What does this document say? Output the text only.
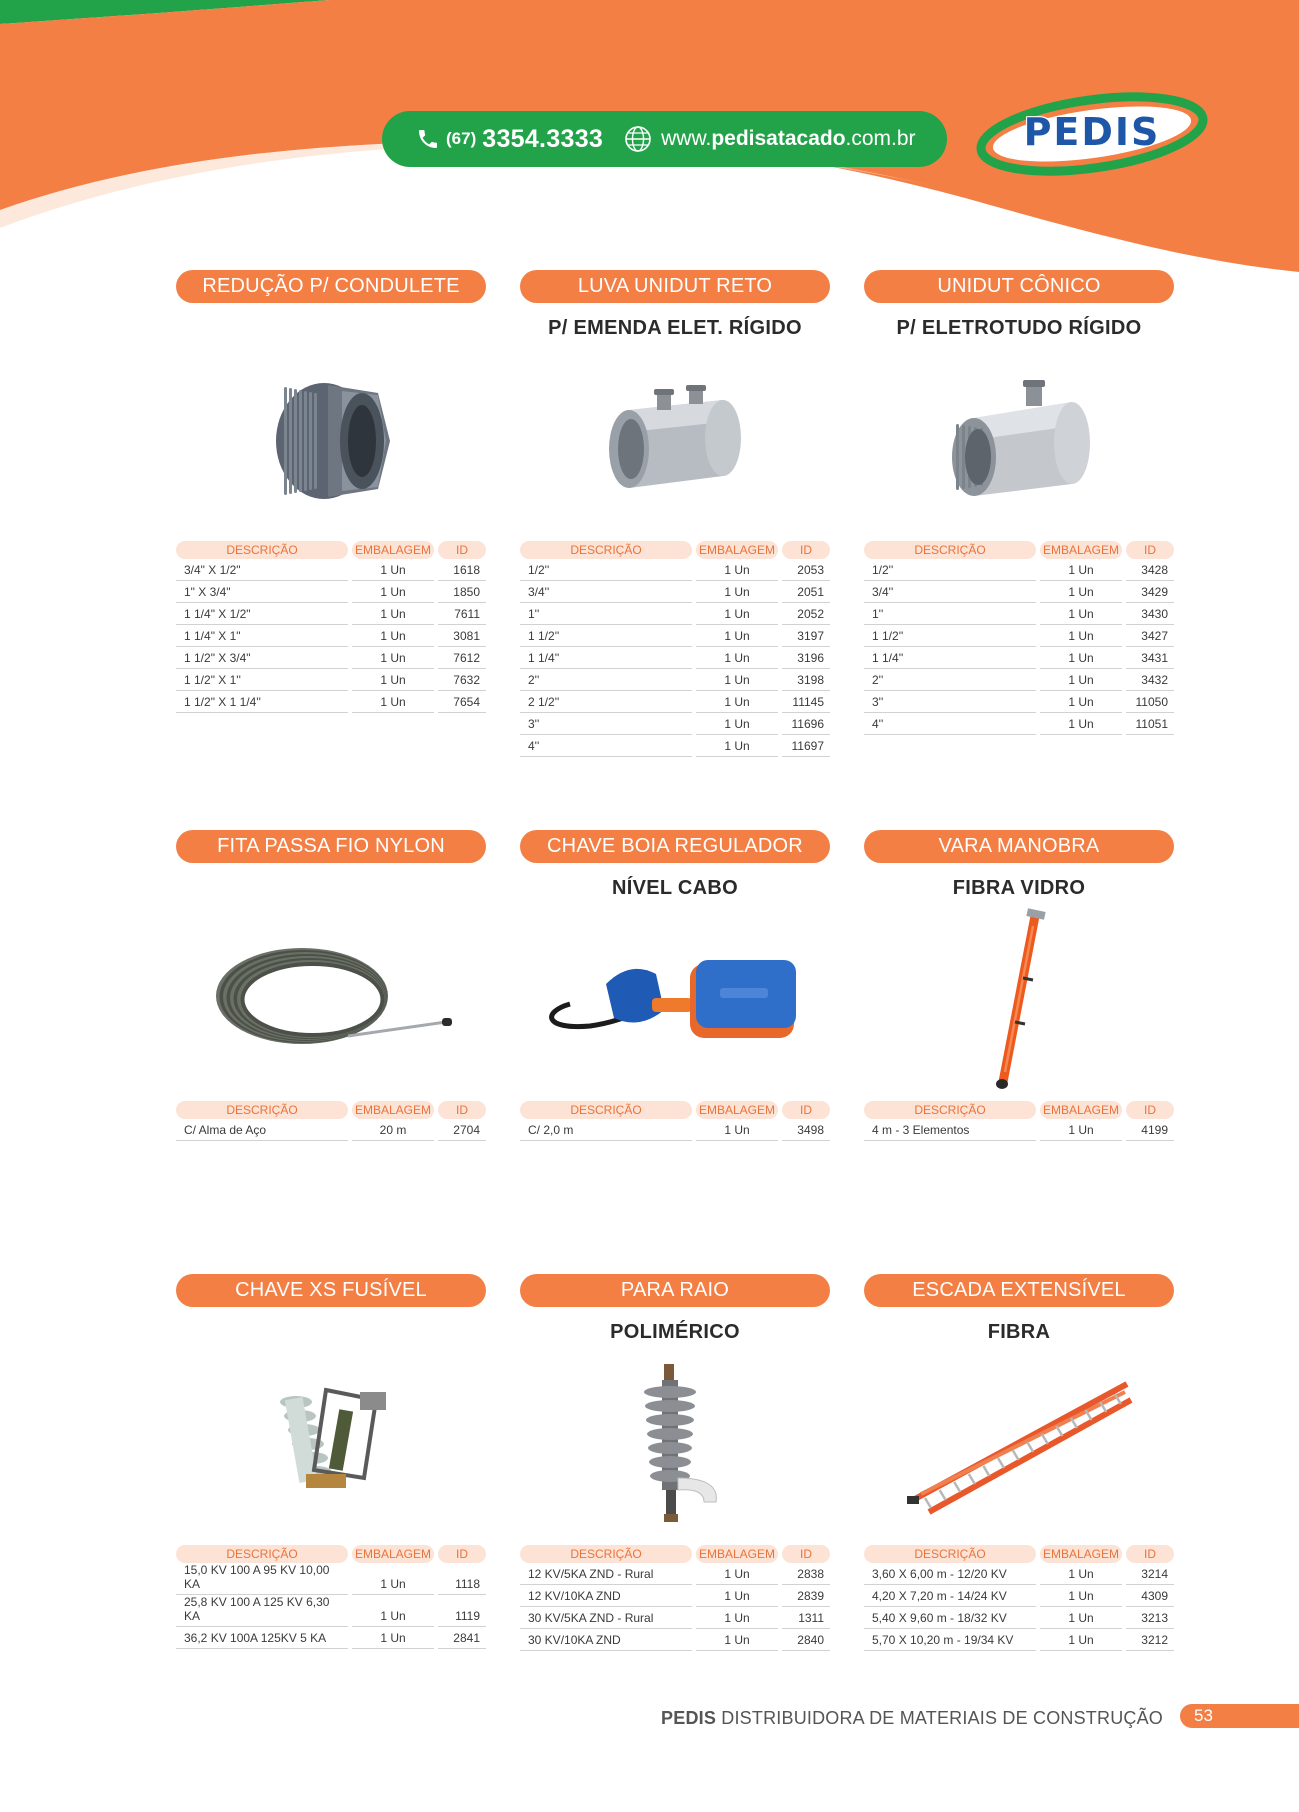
(67) 3354.3333	www.pedisatacado.com.br	PEDIS
REDUÇÃO P/ CONDULETE
DESCRIÇÃO		EMBALAGEM		ID
3/4" X 1/2"		1 Un		1618
1" X 3/4"		1 Un		1850
1 1/4" X 1/2"		1 Un		7611
1 1/4" X 1"		1 Un		3081
1 1/2" X 3/4"		1 Un		7612
1 1/2" X 1''		1 Un		7632
1 1/2" X 1 1/4''		1 Un		7654
LUVA UNIDUT RETO
P/ EMENDA ELET. RÍGIDO
DESCRIÇÃO		EMBALAGEM		ID
1/2''		1 Un		2053
3/4''		1 Un		2051
1''		1 Un		2052
1 1/2''		1 Un		3197
1 1/4''		1 Un		3196
2''		1 Un		3198
2 1/2''		1 Un		11145
3''		1 Un		11696
4''		1 Un		11697
UNIDUT CÔNICO
P/ ELETROTUDO RÍGIDO
DESCRIÇÃO		EMBALAGEM		ID
1/2''		1 Un		3428
3/4''		1 Un		3429
1''		1 Un		3430
1 1/2''		1 Un		3427
1 1/4''		1 Un		3431
2''		1 Un		3432
3''		1 Un		11050
4''		1 Un		11051
FITA PASSA FIO NYLON
DESCRIÇÃO		EMBALAGEM		ID
C/ Alma de Aço		20 m		2704
CHAVE BOIA REGULADOR
NÍVEL CABO
DESCRIÇÃO		EMBALAGEM		ID
C/ 2,0 m		1 Un		3498
VARA MANOBRA
FIBRA VIDRO
DESCRIÇÃO		EMBALAGEM		ID
4 m - 3 Elementos		1 Un		4199
CHAVE XS FUSÍVEL
DESCRIÇÃO		EMBALAGEM		ID
15,0 KV 100 A 95 KV 10,00 KA		1 Un		1118
25,8 KV 100 A 125 KV 6,30 KA		1 Un		1119
36,2 KV 100A 125KV 5 KA		1 Un		2841
PARA RAIO
POLIMÉRICO
DESCRIÇÃO		EMBALAGEM		ID
12 KV/5KA ZND - Rural		1 Un		2838
12 KV/10KA ZND		1 Un		2839
30 KV/5KA ZND - Rural		1 Un		1311
30 KV/10KA ZND		1 Un		2840
ESCADA EXTENSÍVEL
FIBRA
DESCRIÇÃO		EMBALAGEM		ID
3,60 X 6,00 m - 12/20 KV		1 Un		3214
4,20 X 7,20 m - 14/24 KV		1 Un		4309
5,40 X 9,60 m - 18/32 KV		1 Un		3213
5,70 X 10,20 m - 19/34 KV		1 Un		3212
PEDIS DISTRIBUIDORA DE MATERIAIS DE CONSTRUÇÃO	53
